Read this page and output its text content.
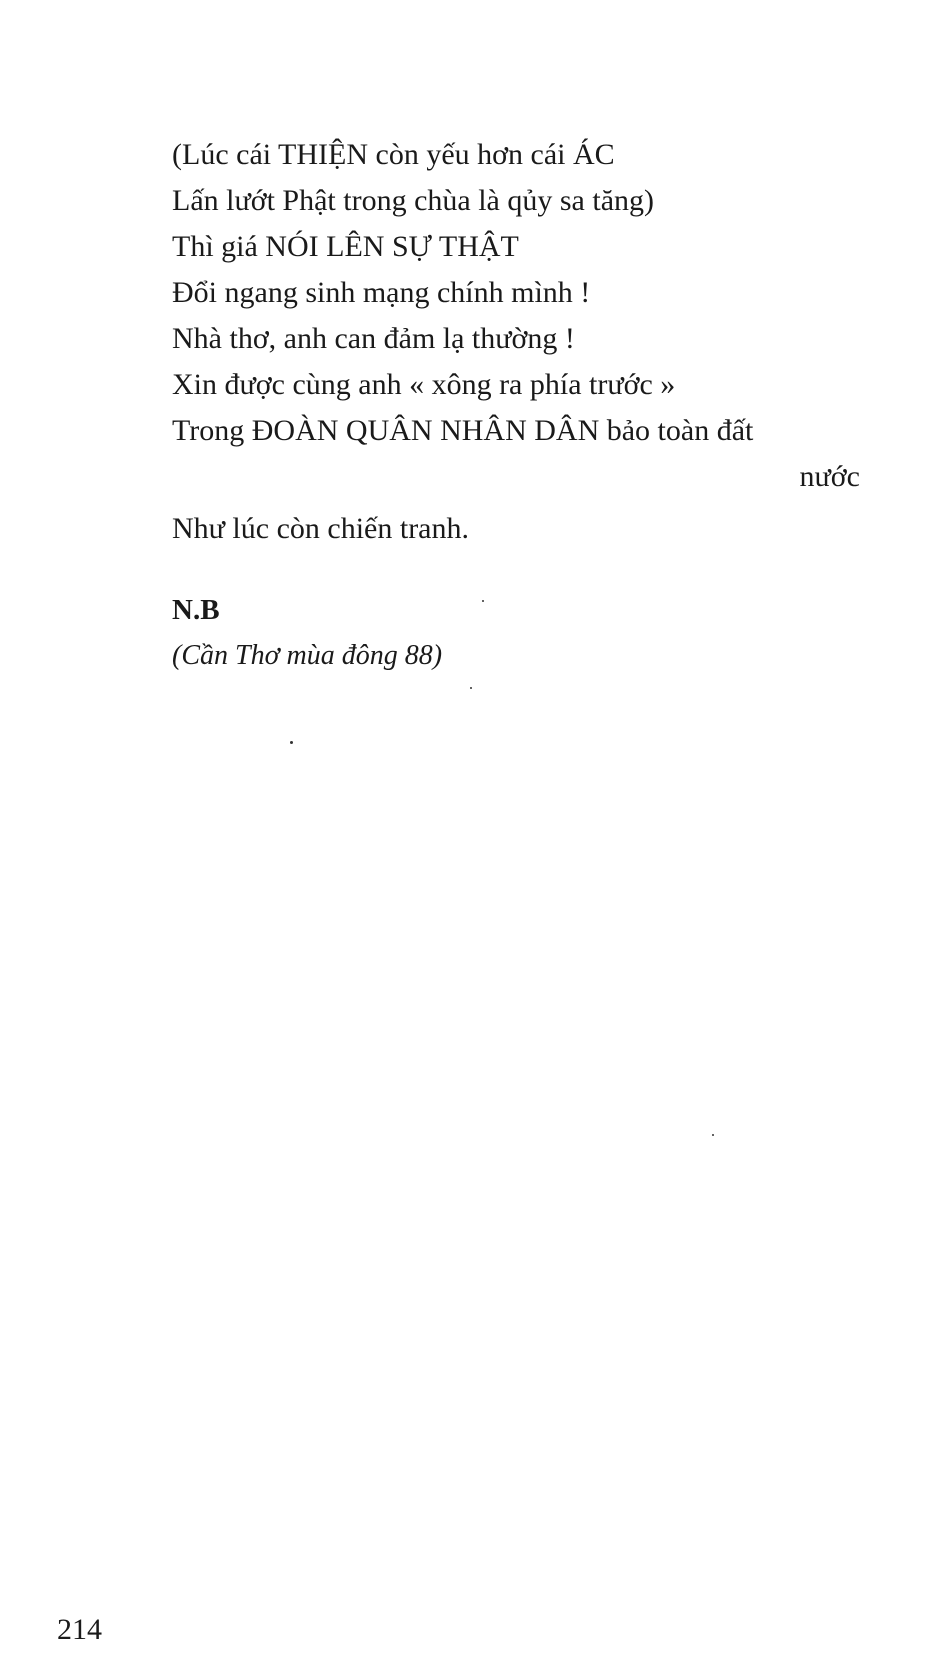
(Lúc cái THIỆN còn yếu hơn cái ÁC
Lấn lướt Phật trong chùa là qủy sa tăng)
Thì giá NÓI LÊN SỰ THẬT
Đổi ngang sinh mạng chính mình !
Nhà thơ, anh can đảm lạ thường !
Xin được cùng anh « xông ra phía trước »
Trong ĐOÀN QUÂN NHÂN DÂN bảo toàn đất
nước
Như lúc còn chiến tranh.
N.B
(Cần Thơ mùa đông 88)
214
